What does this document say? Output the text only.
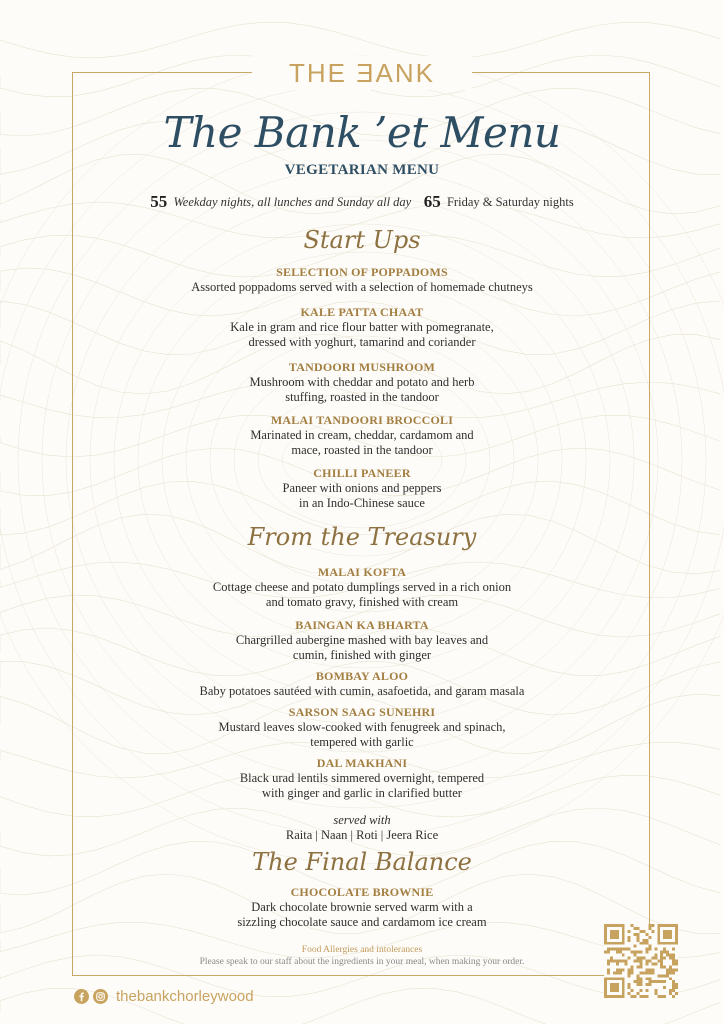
THE ƎANK
The Bank ’et Menu
VEGETARIAN MENU
55 Weekday nights, all lunches and Sunday all day 65 Friday & Saturday nights
Start Ups
SELECTION OF POPPADOMS
Assorted poppadoms served with a selection of homemade chutneys
KALE PATTA CHAAT
Kale in gram and rice flour batter with pomegranate,
dressed with yoghurt, tamarind and coriander
TANDOORI MUSHROOM
Mushroom with cheddar and potato and herb
stuffing, roasted in the tandoor
MALAI TANDOORI BROCCOLI
Marinated in cream, cheddar, cardamom and
mace, roasted in the tandoor
CHILLI PANEER
Paneer with onions and peppers
in an Indo-Chinese sauce
From the Treasury
MALAI KOFTA
Cottage cheese and potato dumplings served in a rich onion
and tomato gravy, finished with cream
BAINGAN KA BHARTA
Chargrilled aubergine mashed with bay leaves and
cumin, finished with ginger
BOMBAY ALOO
Baby potatoes sautéed with cumin, asafoetida, and garam masala
SARSON SAAG SUNEHRI
Mustard leaves slow-cooked with fenugreek and spinach,
tempered with garlic
DAL MAKHANI
Black urad lentils simmered overnight, tempered
with ginger and garlic in clarified butter
served with
Raita | Naan | Roti | Jeera Rice
The Final Balance
CHOCOLATE BROWNIE
Dark chocolate brownie served warm with a
sizzling chocolate sauce and cardamom ice cream
Food Allergies and intolerances
Please speak to our staff about the ingredients in your meal, when making your order.
thebankchorleywood
